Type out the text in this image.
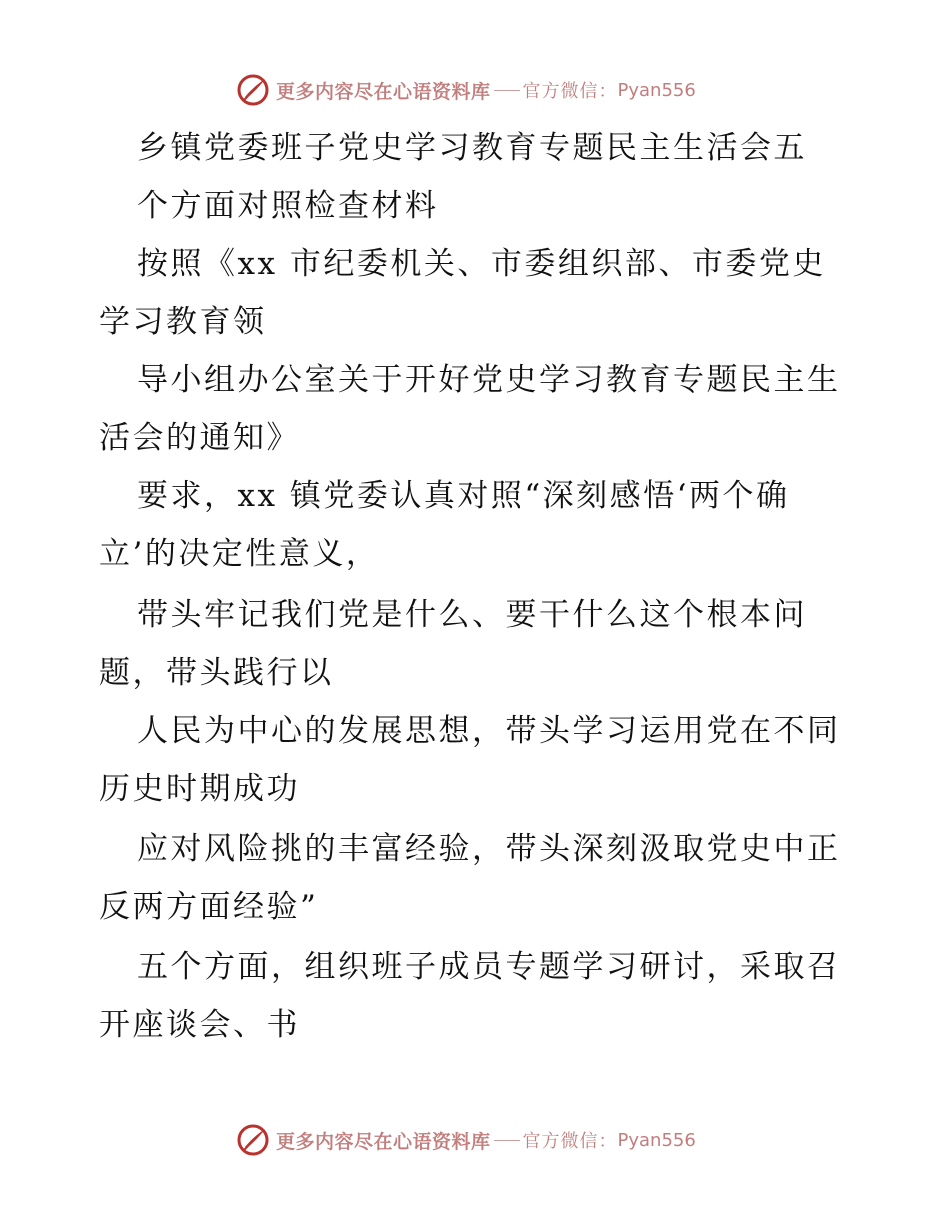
更多内容尽在心语资料库 官方微信： Pyan556
乡镇党委班子党史学习教育专题民主生活会五
个方面对照检查材料
按照《xx 市纪委机关、市委组织部、市委党史
学习教育领
导小组办公室关于开好党史学习教育专题民主生
活会的通知》
要求，xx 镇党委认真对照“深刻感悟‘两个确
立’的决定性意义，
带头牢记我们党是什么、要干什么这个根本问
题，带头践行以
人民为中心的发展思想，带头学习运用党在不同
历史时期成功
应对风险挑的丰富经验，带头深刻汲取党史中正
反两方面经验”
五个方面，组织班子成员专题学习研讨，采取召
开座谈会、书
更多内容尽在心语资料库 官方微信： Pyan556
